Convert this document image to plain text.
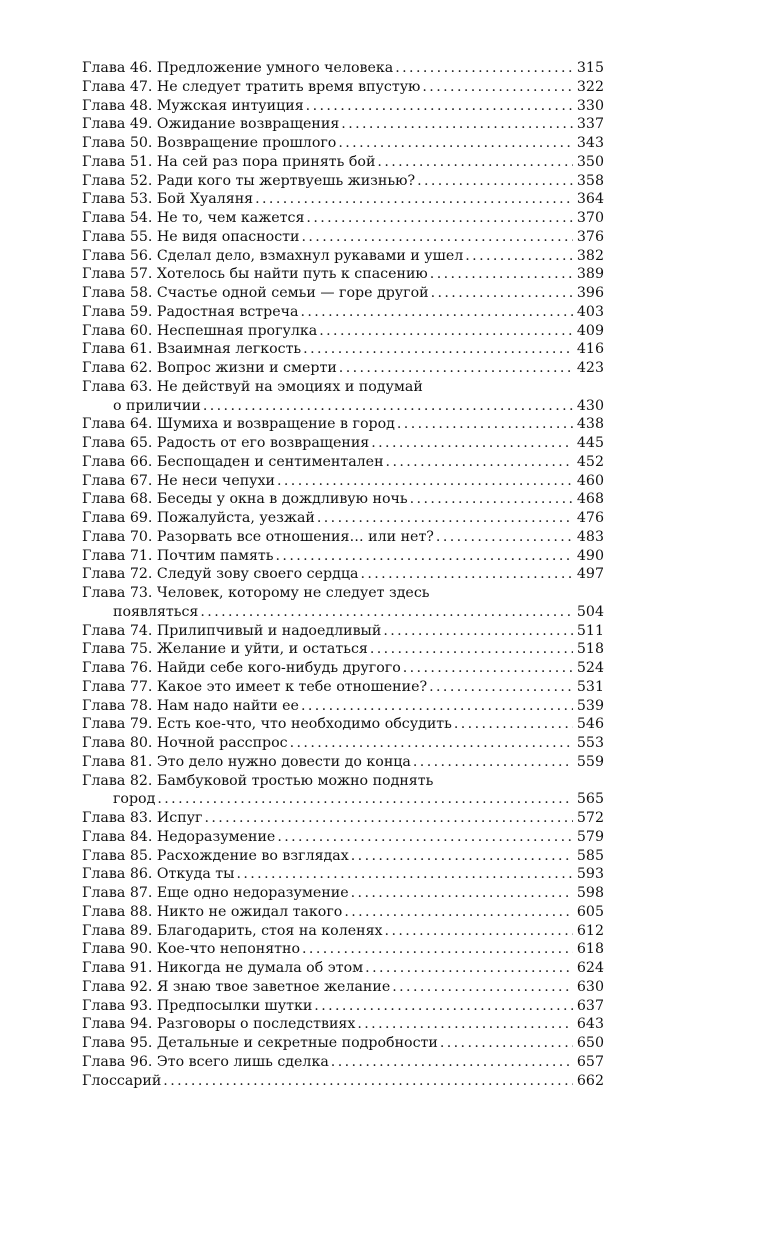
Глава 46. Предложение умного человека .....	315
Глава 47. Не следует тратить время впустую .....	322
Глава 48. Мужская интуиция .....	330
Глава 49. Ожидание возвращения .....	337
Глава 50. Возвращение прошлого .....	343
Глава 51. На сей раз пора принять бой .....	350
Глава 52. Ради кого ты жертвуешь жизнью? .....	358
Глава 53. Бой Хуаляня .....	364
Глава 54. Не то, чем кажется .....	370
Глава 55. Не видя опасности .....	376
Глава 56. Сделал дело, взмахнул рукавами и ушел .....	382
Глава 57. Хотелось бы найти путь к спасению .....	389
Глава 58. Счастье одной семьи — горе другой .....	396
Глава 59. Радостная встреча .....	403
Глава 60. Неспешная прогулка .....	409
Глава 61. Взаимная легкость .....	416
Глава 62. Вопрос жизни и смерти .....	423
Глава 63. Не действуй на эмоциях и подумай
о приличии .....	430
Глава 64. Шумиха и возвращение в город .....	438
Глава 65. Радость от его возвращения .....	445
Глава 66. Беспощаден и сентиментален .....	452
Глава 67. Не неси чепухи .....	460
Глава 68. Беседы у окна в дождливую ночь .....	468
Глава 69. Пожалуйста, уезжай .....	476
Глава 70. Разорвать все отношения… или нет? .....	483
Глава 71. Почтим память .....	490
Глава 72. Следуй зову своего сердца .....	497
Глава 73. Человек, которому не следует здесь
появляться .....	504
Глава 74. Прилипчивый и надоедливый .....	511
Глава 75. Желание и уйти, и остаться .....	518
Глава 76. Найди себе кого-нибудь другого .....	524
Глава 77. Какое это имеет к тебе отношение? .....	531
Глава 78. Нам надо найти ее .....	539
Глава 79. Есть кое-что, что необходимо обсудить .....	546
Глава 80. Ночной расспрос .....	553
Глава 81. Это дело нужно довести до конца .....	559
Глава 82. Бамбуковой тростью можно поднять
город .....	565
Глава 83. Испуг .....	572
Глава 84. Недоразумение .....	579
Глава 85. Расхождение во взглядах .....	585
Глава 86. Откуда ты .....	593
Глава 87. Еще одно недоразумение .....	598
Глава 88. Никто не ожидал такого .....	605
Глава 89. Благодарить, стоя на коленях .....	612
Глава 90. Кое-что непонятно .....	618
Глава 91. Никогда не думала об этом .....	624
Глава 92. Я знаю твое заветное желание .....	630
Глава 93. Предпосылки шутки .....	637
Глава 94. Разговоры о последствиях .....	643
Глава 95. Детальные и секретные подробности .....	650
Глава 96. Это всего лишь сделка .....	657
Глоссарий .....	662
